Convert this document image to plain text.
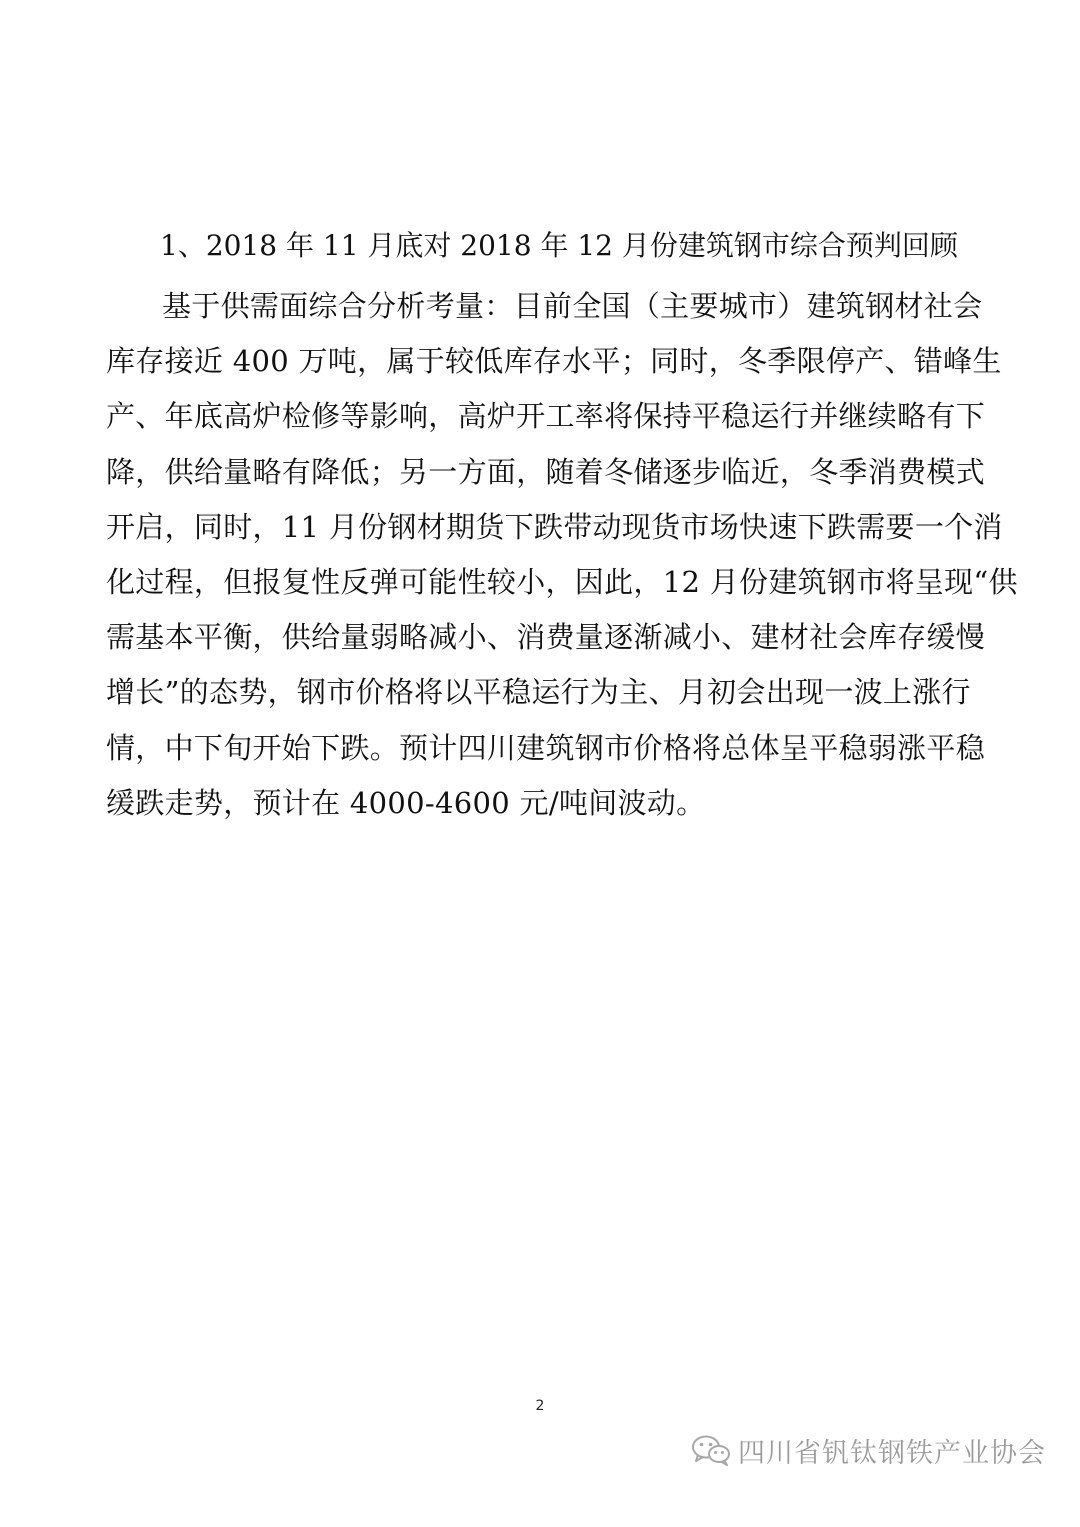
1、2018 年 11 月底对 2018 年 12 月份建筑钢市综合预判回顾
基于供需面综合分析考量：目前全国（主要城市）建筑钢材社会
库存接近 400 万吨，属于较低库存水平；同时，冬季限停产、错峰生
产、年底高炉检修等影响，高炉开工率将保持平稳运行并继续略有下
降，供给量略有降低；另一方面，随着冬储逐步临近，冬季消费模式
开启，同时，11 月份钢材期货下跌带动现货市场快速下跌需要一个消
化过程，但报复性反弹可能性较小，因此，12 月份建筑钢市将呈现“供
需基本平衡，供给量弱略减小、消费量逐渐减小、建材社会库存缓慢
增长”的态势，钢市价格将以平稳运行为主、月初会出现一波上涨行
情，中下旬开始下跌。预计四川建筑钢市价格将总体呈平稳弱涨平稳
缓跌走势，预计在 4000-4600 元/吨间波动。
2
四川省钒钛钢铁产业协会
